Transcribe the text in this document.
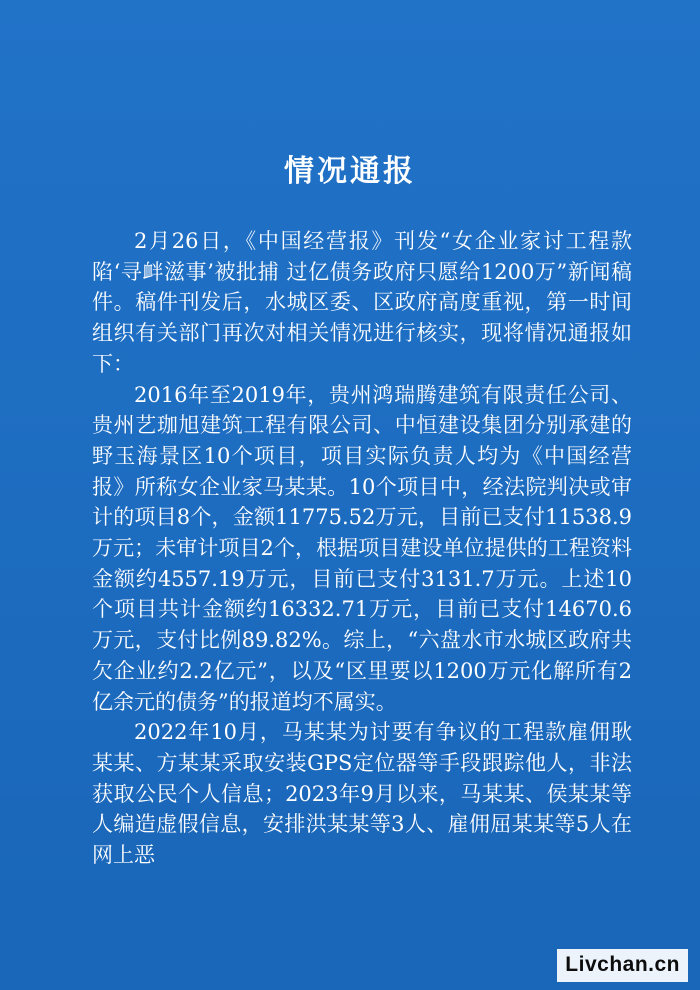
情况通报

2月26日，《中国经营报》刊发“女企业家讨工程款陷‘寻衅滋事’被批捕 过亿债务政府只愿给1200万”新闻稿件。稿件刊发后，水城区委、区政府高度重视，第一时间组织有关部门再次对相关情况进行核实，现将情况通报如下：

2016年至2019年，贵州鸿瑞腾建筑有限责任公司、贵州艺珈旭建筑工程有限公司、中恒建设集团分别承建的野玉海景区10个项目，项目实际负责人均为《中国经营报》所称女企业家马某某。10个项目中，经法院判决或审计的项目8个，金额11775.52万元，目前已支付11538.9万元；未审计项目2个，根据项目建设单位提供的工程资料金额约4557.19万元，目前已支付3131.7万元。上述10个项目共计金额约16332.71万元，目前已支付14670.6万元，支付比例89.82%。综上，“六盘水市水城区政府共欠企业约2.2亿元”，以及“区里要以1200万元化解所有2亿余元的债务”的报道均不属实。

2022年10月，马某某为讨要有争议的工程款雇佣耿某某、方某某采取安装GPS定位器等手段跟踪他人，非法获取公民个人信息；2023年9月以来，马某某、侯某某等人编造虚假信息，安排洪某某等3人、雇佣屈某某等5人在网上恶

Livchan.cn
